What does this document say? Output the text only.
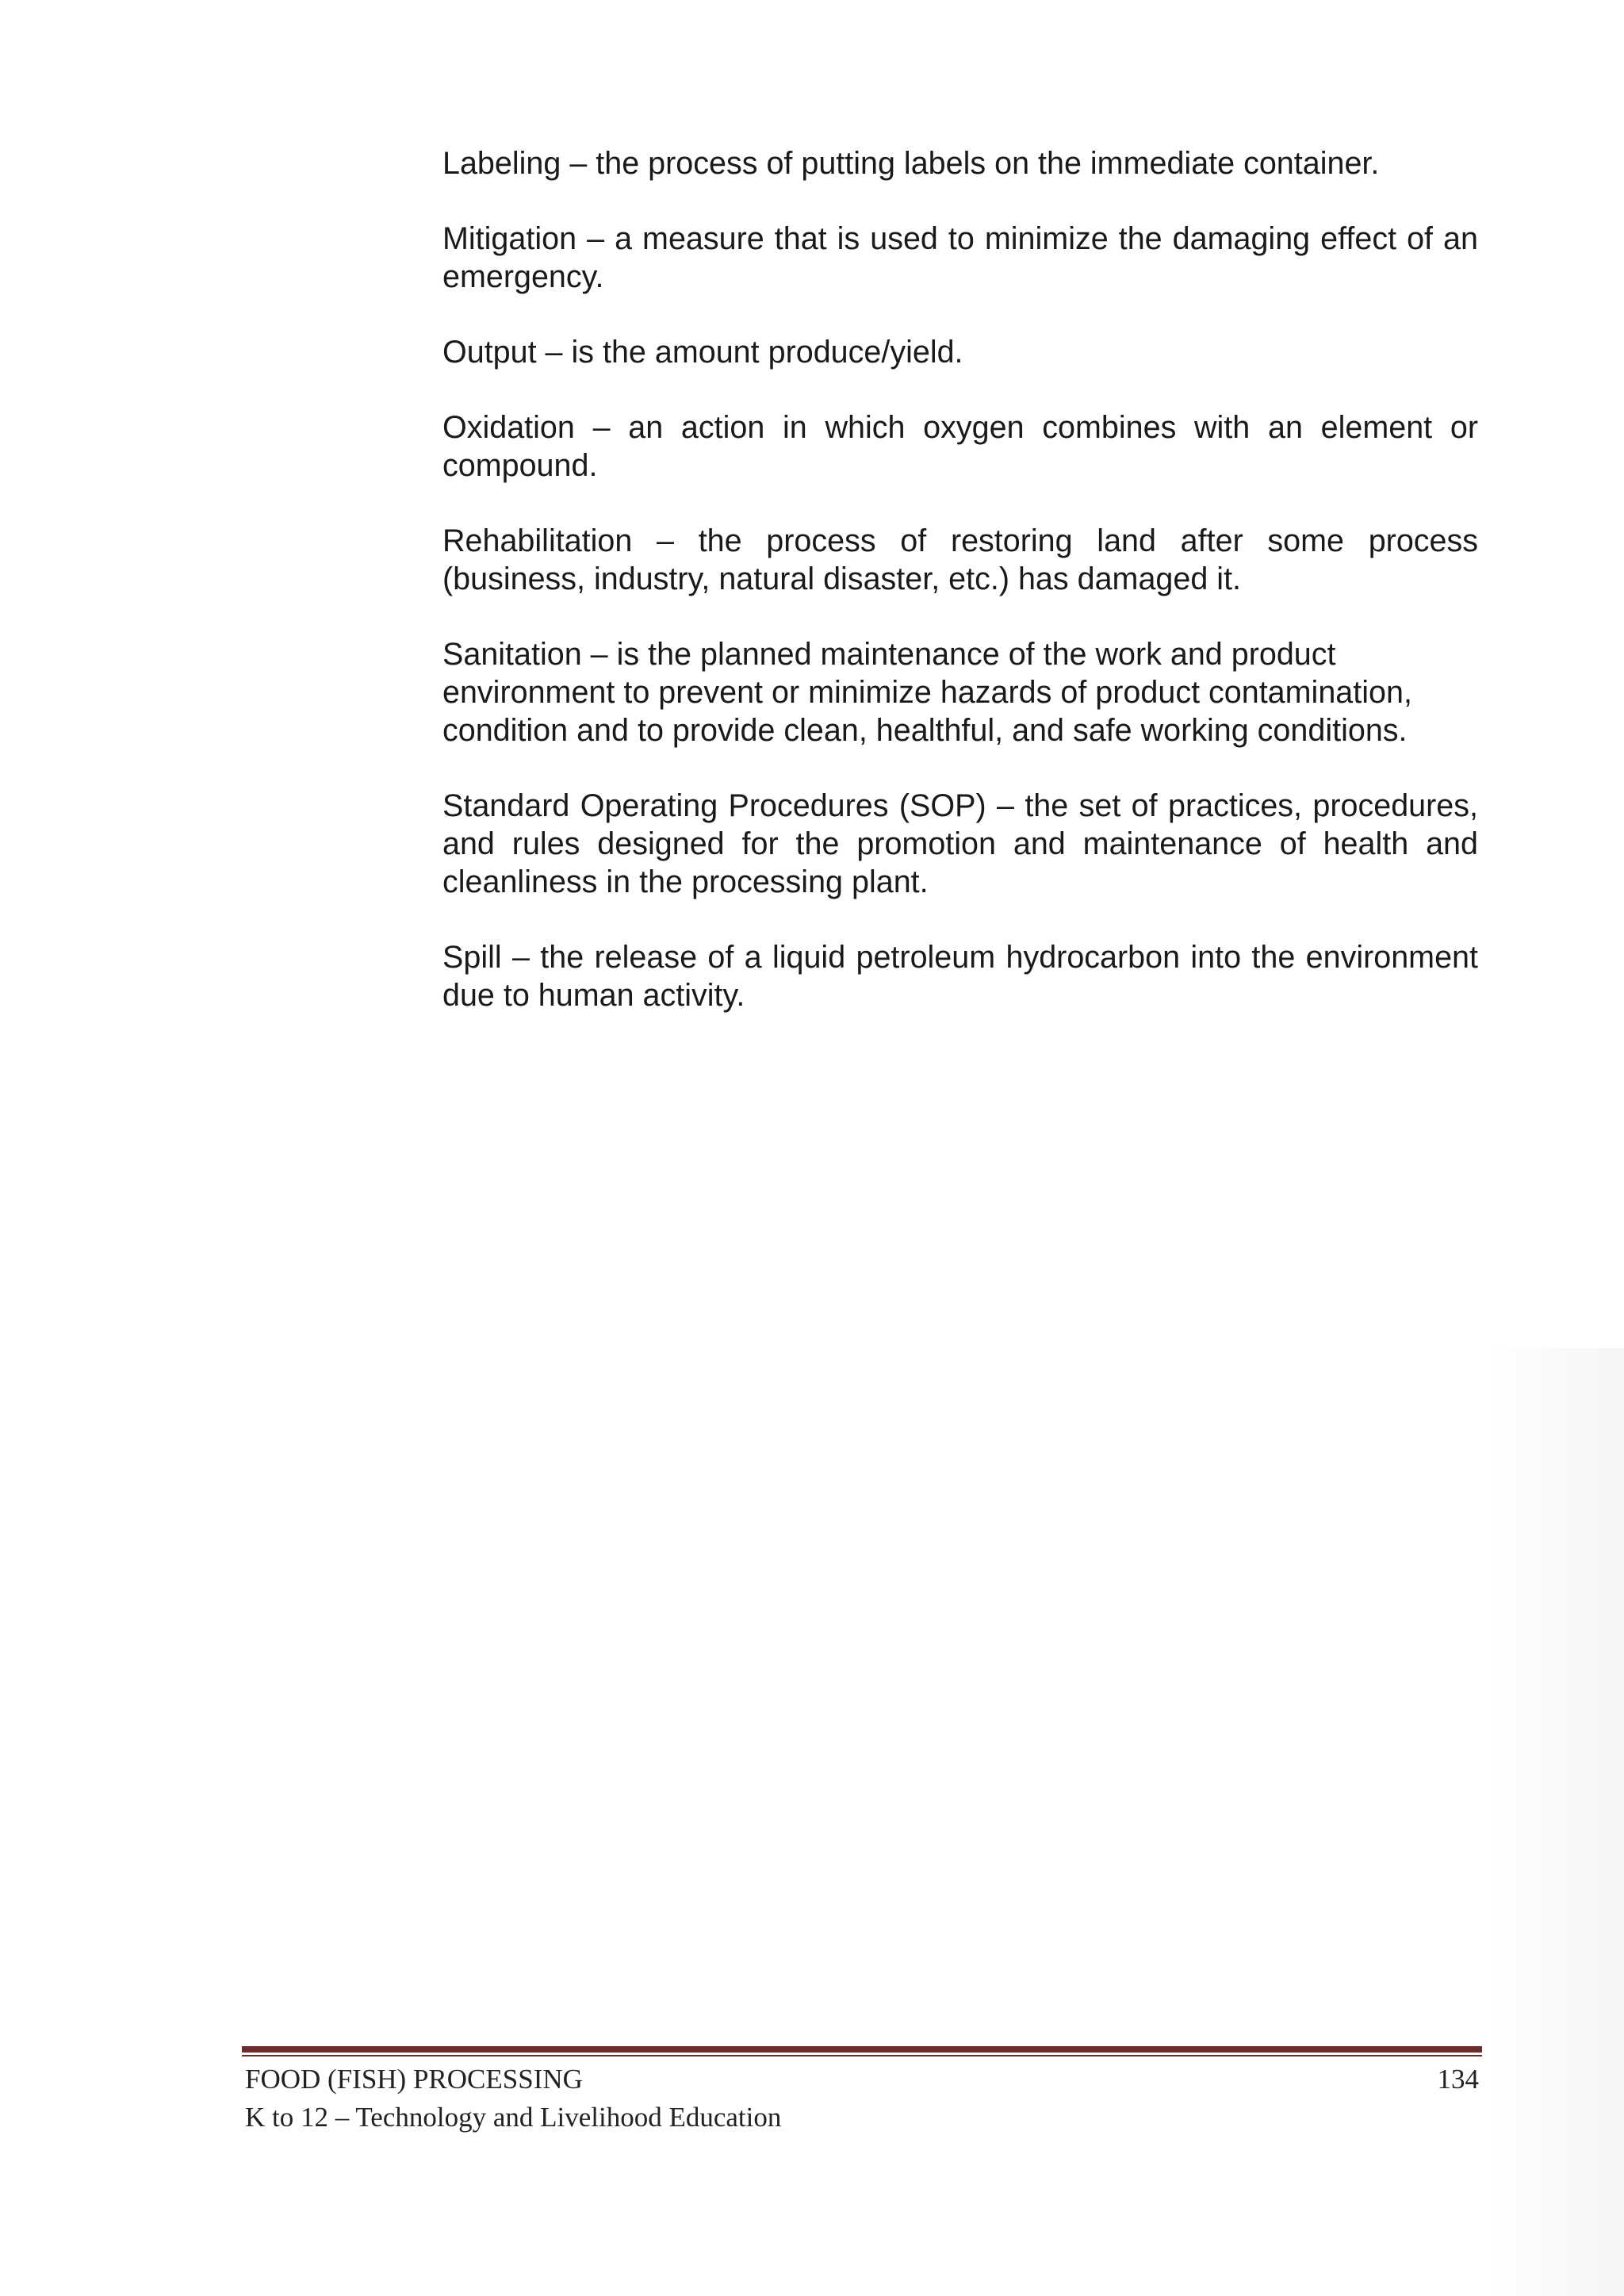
Labeling – the process of putting labels on the immediate container.

Mitigation – a measure that is used to minimize the damaging effect of an emergency.

Output – is the amount produce/yield.

Oxidation – an action in which oxygen combines with an element or compound.

Rehabilitation – the process of restoring land after some process (business, industry, natural disaster, etc.) has damaged it.

Sanitation – is the planned maintenance of the work and product
environment to prevent or minimize hazards of product contamination, condition and to provide clean, healthful, and safe working conditions.

Standard Operating Procedures (SOP) – the set of practices, procedures, and rules designed for the promotion and maintenance of health and cleanliness in the processing plant.

Spill – the release of a liquid petroleum hydrocarbon into the environment due to human activity.

FOOD (FISH) PROCESSING	134
K to 12 – Technology and Livelihood Education
